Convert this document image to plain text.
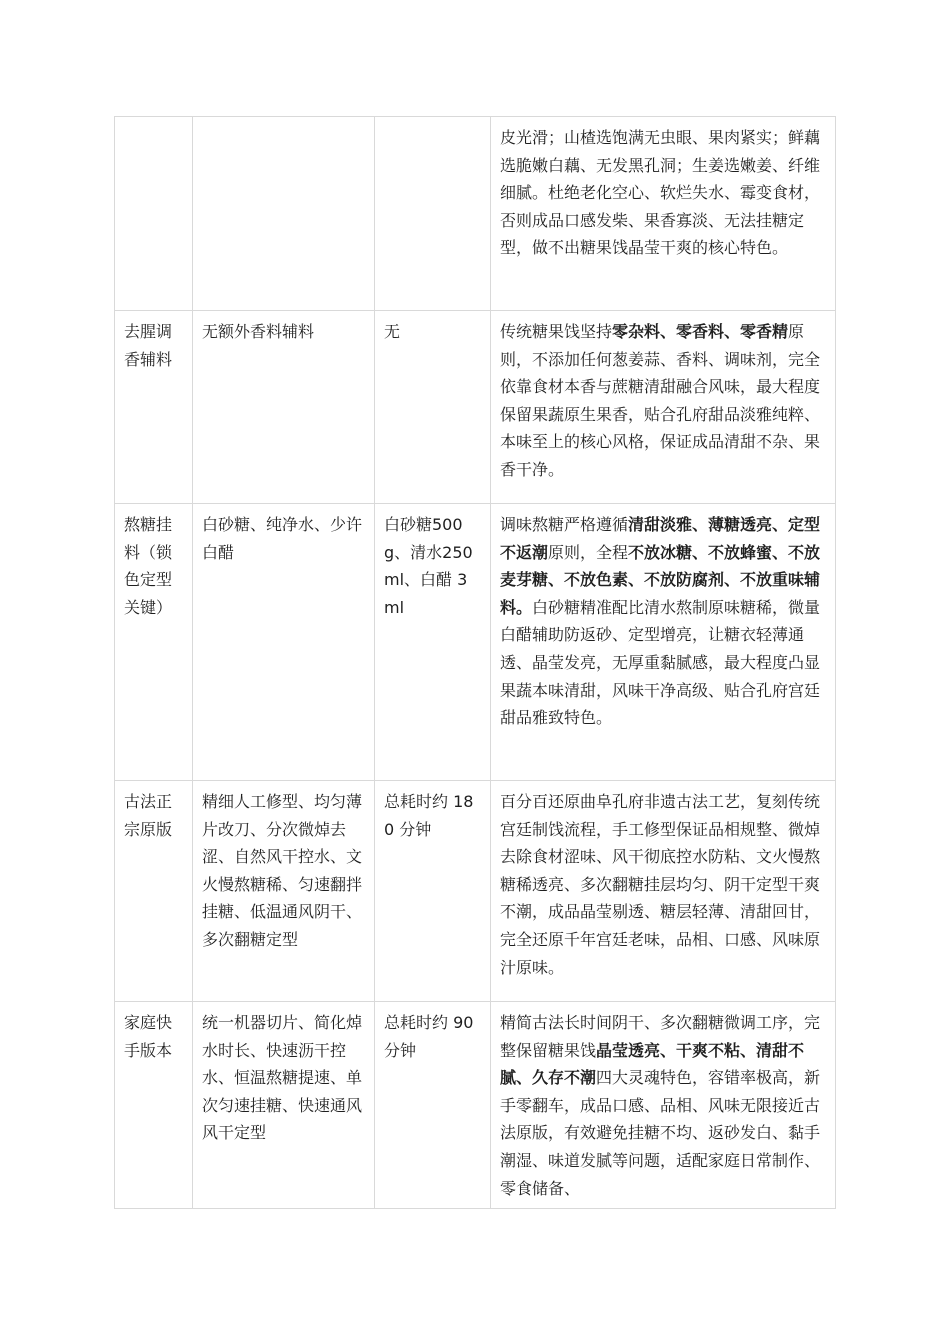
			皮光滑；山楂选饱满无虫眼、果肉紧实；鲜藕选脆嫩白藕、无发黑孔洞；生姜选嫩姜、纤维细腻。杜绝老化空心、软烂失水、霉变食材，否则成品口感发柴、果香寡淡、无法挂糖定型，做不出糖果饯晶莹干爽的核心特色。
去腥调香辅料	无额外香料辅料	无	传统糖果饯坚持零杂料、零香料、零香精原则，不添加任何葱姜蒜、香料、调味剂，完全依靠食材本香与蔗糖清甜融合风味，最大程度保留果蔬原生果香，贴合孔府甜品淡雅纯粹、本味至上的核心风格，保证成品清甜不杂、果香干净。
熬糖挂料（锁色定型关键）	白砂糖、纯净水、少许白醋	白砂糖500g、清水250ml、白醋 3ml	调味熬糖严格遵循清甜淡雅、薄糖透亮、定型不返潮原则，全程不放冰糖、不放蜂蜜、不放麦芽糖、不放色素、不放防腐剂、不放重味辅料。白砂糖精准配比清水熬制原味糖稀，微量白醋辅助防返砂、定型增亮，让糖衣轻薄通透、晶莹发亮，无厚重黏腻感，最大程度凸显果蔬本味清甜，风味干净高级、贴合孔府宫廷甜品雅致特色。
古法正宗原版	精细人工修型、均匀薄片改刀、分次微焯去涩、自然风干控水、文火慢熬糖稀、匀速翻拌挂糖、低温通风阴干、多次翻糖定型	总耗时约 180 分钟	百分百还原曲阜孔府非遗古法工艺，复刻传统宫廷制饯流程，手工修型保证品相规整、微焯去除食材涩味、风干彻底控水防粘、文火慢熬糖稀透亮、多次翻糖挂层均匀、阴干定型干爽不潮，成品晶莹剔透、糖层轻薄、清甜回甘，完全还原千年宫廷老味，品相、口感、风味原汁原味。
家庭快手版本	统一机器切片、简化焯水时长、快速沥干控水、恒温熬糖提速、单次匀速挂糖、快速通风风干定型	总耗时约 90 分钟	精简古法长时间阴干、多次翻糖微调工序，完整保留糖果饯晶莹透亮、干爽不粘、清甜不腻、久存不潮四大灵魂特色，容错率极高，新手零翻车，成品口感、品相、风味无限接近古法原版，有效避免挂糖不均、返砂发白、黏手潮湿、味道发腻等问题，适配家庭日常制作、零食储备、
